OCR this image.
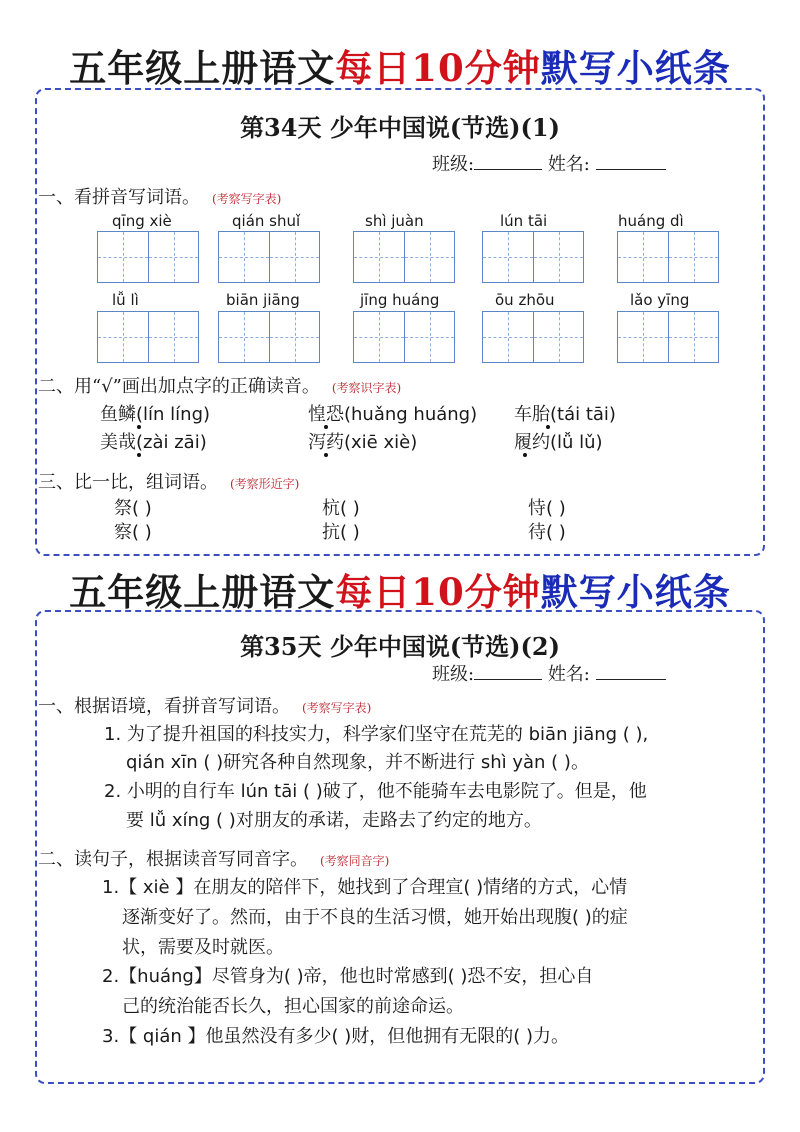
五年级上册语文每日10分钟默写小纸条
第34天 少年中国说(节选)(1)
班级:	姓名:
一、看拼音写词语。 (考察写字表)
qīng xiè	qián shuǐ	shì juàn	lún tāi	huáng dì
lǚ lì	biān jiāng	jīng huáng	ōu zhōu	lǎo yīng
二、用“√”画出加点字的正确读音。 (考察识字表)
鱼鳞(lín líng)	惶恐(huǎng huáng) 车胎(tái tāi)
美哉(zài zāi)	泻药(xiē xiè)	履约(lǚ lǔ)
三、比一比，组词语。 (考察形近字)
祭( )	杭( )	恃( )
察( )	抗( )	待( )
五年级上册语文每日10分钟默写小纸条
第35天 少年中国说(节选)(2)
班级:	姓名:
一、根据语境，看拼音写词语。 (考察写字表)
1. 为了提升祖国的科技实力，科学家们坚守在荒芜的 biān jiāng ( ),
qián xīn ( )研究各种自然现象，并不断进行 shì yàn ( )。
2. 小明的自行车 lún tāi ( )破了，他不能骑车去电影院了。但是，他
要 lǚ xíng ( )对朋友的承诺，走路去了约定的地方。
二、读句子，根据读音写同音字。 (考察同音字)
1.【 xiè 】在朋友的陪伴下，她找到了合理宣( )情绪的方式，心情
逐渐变好了。然而，由于不良的生活习惯，她开始出现腹( )的症
状，需要及时就医。
2.【huáng】尽管身为( )帝，他也时常感到( )恐不安，担心自
己的统治能否长久，担心国家的前途命运。
3.【 qián 】他虽然没有多少( )财，但他拥有无限的( )力。
